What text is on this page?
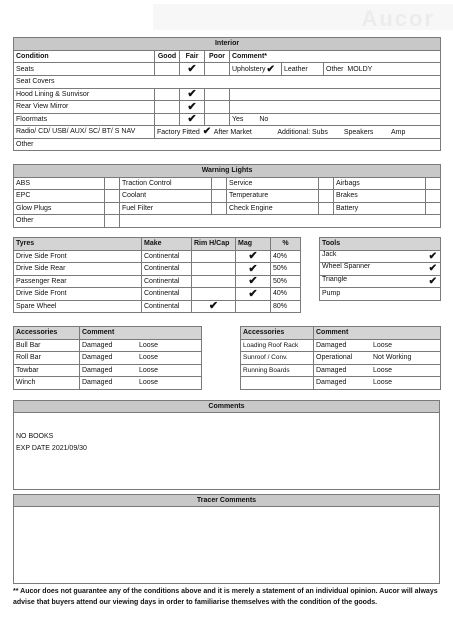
Aucor
Interior				
Condition	Good	Fair	Poor	Comment*
Seats		✔		Upholstery ✔ Leather Other MOLDY

Seat Covers				
Hood Lining & Sunvisor		✔		
Rear View Mirror		✔		
Floormats		✔		Yes No
Radio/ CD/ USB/ AUX/ SC/ BT/ S NAV	Factory Fitted ✔ After Market Additional: Subs Speakers Amp			
Other				
Warning Lights							
ABS		Traction Control		Service		Airbags	
EPC		Coolant		Temperature		Brakes	
Glow Plugs		Fuel Filter		Check Engine		Battery	
Other							
Tyres	Make	Rim H/Cap	Mag	%
Drive Side Front	Continental		✔	40%
Drive Side Rear	Continental		✔	50%
Passenger Rear	Continental		✔	50%
Drive Side Front	Continental		✔	40%
Spare Wheel	Continental	✔		80%
Tools
Jack	✔

Wheel Spanner	✔

Triangle	✔

Pump
Accessories	Comment
Bull Bar	Damaged Loose
Roll Bar	Damaged Loose
Towbar	Damaged Loose
Winch	Damaged Loose
Accessories	Comment
Loading Roof Rack	Damaged Loose
Sunroof / Conv.	Operational Not Working
Running Boards	Damaged Loose
	Damaged Loose
Comments
NO BOOKS
EXP DATE 2021/09/30
Tracer Comments
** Aucor does not guarantee any of the conditions above and it is merely a statement of an individual opinion. Aucor will always advise that buyers attend our viewing days in order to familiarise themselves with the condition of the goods.
